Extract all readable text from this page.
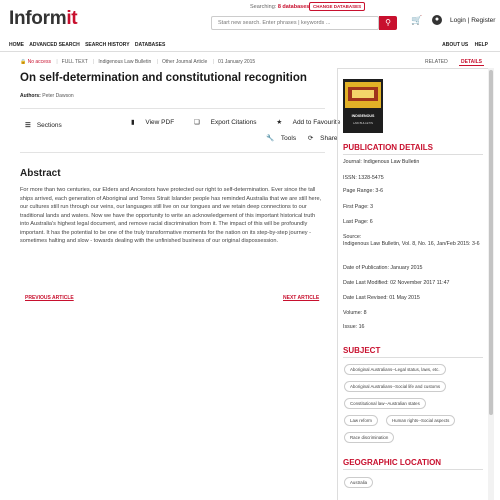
Informit
Searching: 8 databases CHANGE DATABASES
Start new search. Enter phrases | keywords ...	⚲	🛒	●	Login | Register
HOME ADVANCED SEARCH SEARCH HISTORY DATABASES	ABOUT US HELP
🔒 No access | FULL TEXT | Indigenous Law Bulletin | Other Journal Article | 01 January 2015
On self-determination and constitutional recognition
Authors: Peter Dawson
☰ Sections	▮ View PDF	❏ Export Citations	★ Add to Favourite
🔧 Tools ⟳ Share
Abstract
For more than two centuries, our Elders and Ancestors have protected our right to self-determination. Ever since the tall ships arrived, each generation of Aboriginal and Torres Strait Islander people has reminded Australia that we are still here, our cultures still run through our veins, our languages still live on our tongues and we retain deep connections to our traditional lands and waters. Now we have the opportunity to write an acknowledgement of this important historical truth into Australia's highest legal document, and remove racial discrimination from it. The impact of this will be profoundly important. It has the potential to be one of the truly transformative moments for the nation on its step-by-step journey - sometimes halting and slow - towards dealing with the unfinished business of our original dispossession.
PREVIOUS ARTICLE	NEXT ARTICLE
RELATED	DETAILS
INDIGENOUS
LAW BULLETIN
PUBLICATION DETAILS
Journal: Indigenous Law Bulletin
ISSN: 1328-5475
Page Range: 3-6
First Page: 3
Last Page: 6
Source:
Indigenous Law Bulletin, Vol. 8, No. 16, Jan/Feb 2015: 3-6
Date of Publication: January 2015
Date Last Modified: 02 November 2017 11:47
Date Last Revised: 01 May 2015
Volume: 8
Issue: 16
SUBJECT
Aboriginal Australians--Legal status, laws, etc.
Aboriginal Australians--Social life and customs
Constitutional law--Australian states
Law reform	Human rights--Social aspects
Race discrimination
GEOGRAPHIC LOCATION
Australia
